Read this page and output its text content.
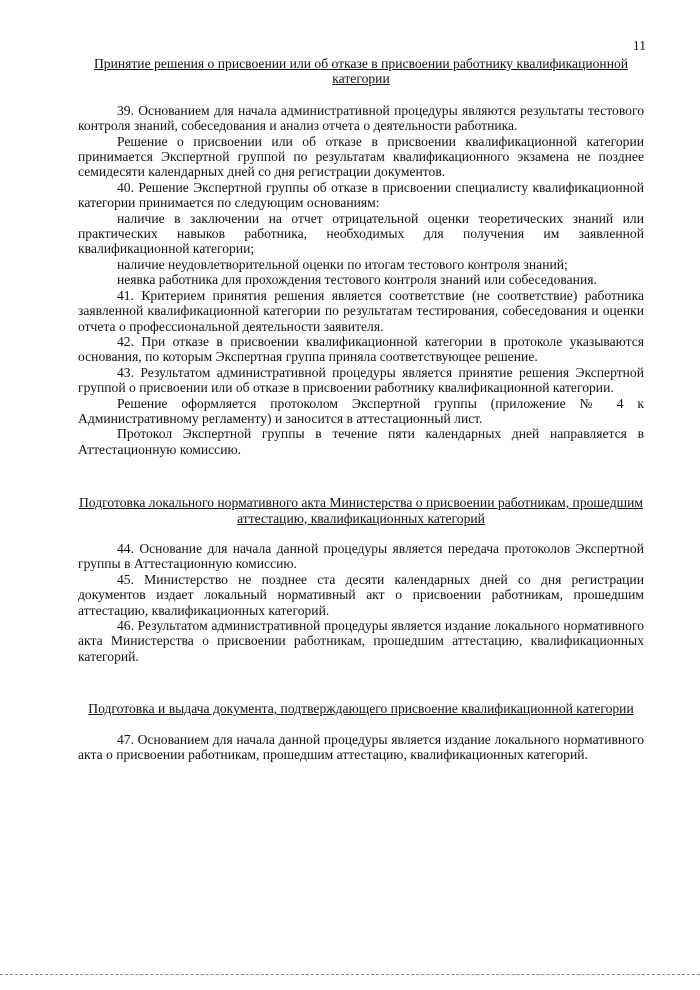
11

Принятие решения о присвоении или об отказе в присвоении работнику квалификационной категории

39. Основанием для начала административной процедуры являются результаты тестового контроля знаний, собеседования и анализ отчета о деятельности работника.

Решение о присвоении или об отказе в присвоении квалификационной категории принимается Экспертной группой по результатам квалификационного экзамена не позднее семидесяти календарных дней со дня регистрации документов.

40. Решение Экспертной группы об отказе в присвоении специалисту квалификационной категории принимается по следующим основаниям:

наличие в заключении на отчет отрицательной оценки теоретических знаний или практических навыков работника, необходимых для получения им заявленной квалификационной категории;

наличие неудовлетворительной оценки по итогам тестового контроля знаний;

неявка работника для прохождения тестового контроля знаний или собеседования.

41. Критерием принятия решения является соответствие (не соответствие) работника заявленной квалификационной категории по результатам тестирования, собеседования и оценки отчета о профессиональной деятельности заявителя.

42. При отказе в присвоении квалификационной категории в протоколе указываются основания, по которым Экспертная группа приняла соответствующее решение.

43. Результатом административной процедуры является принятие решения Экспертной группой о присвоении или об отказе в присвоении работнику квалификационной категории.

Решение оформляется протоколом Экспертной группы (приложение № 4 к Административному регламенту) и заносится в аттестационный лист.

Протокол Экспертной группы в течение пяти календарных дней направляется в Аттестационную комиссию.

Подготовка локального нормативного акта Министерства о присвоении работникам, прошедшим аттестацию, квалификационных категорий

44. Основание для начала данной процедуры является передача протоколов Экспертной группы в Аттестационную комиссию.

45. Министерство не позднее ста десяти календарных дней со дня регистрации документов издает локальный нормативный акт о присвоении работникам, прошедшим аттестацию, квалификационных категорий.

46. Результатом административной процедуры является издание локального нормативного акта Министерства о присвоении работникам, прошедшим аттестацию, квалификационных категорий.

Подготовка и выдача документа, подтверждающего присвоение квалификационной категории

47. Основанием для начала данной процедуры является издание локального нормативного акта о присвоении работникам, прошедшим аттестацию, квалификационных категорий.
